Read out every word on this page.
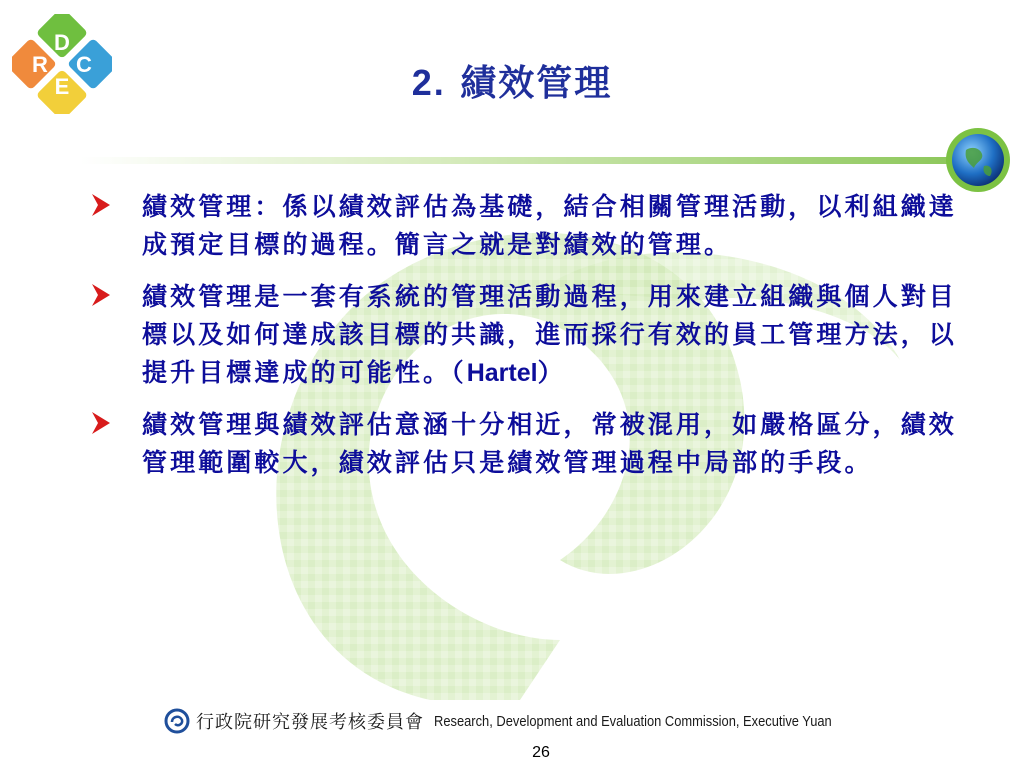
R
D
E
C	2. 績效管理
績效管理：係以績效評估為基礎，結合相關管理活動，以利組織達成預定目標的過程。簡言之就是對績效的管理。
績效管理是一套有系統的管理活動過程，用來建立組織與個人對目標以及如何達成該目標的共識，進而採行有效的員工管理方法，以提升目標達成的可能性。（Hartel）
績效管理與績效評估意涵十分相近，常被混用，如嚴格區分，績效管理範圍較大，績效評估只是績效管理過程中局部的手段。
行政院研究發展考核委員會 Research, Development and Evaluation Commission, Executive Yuan
26
